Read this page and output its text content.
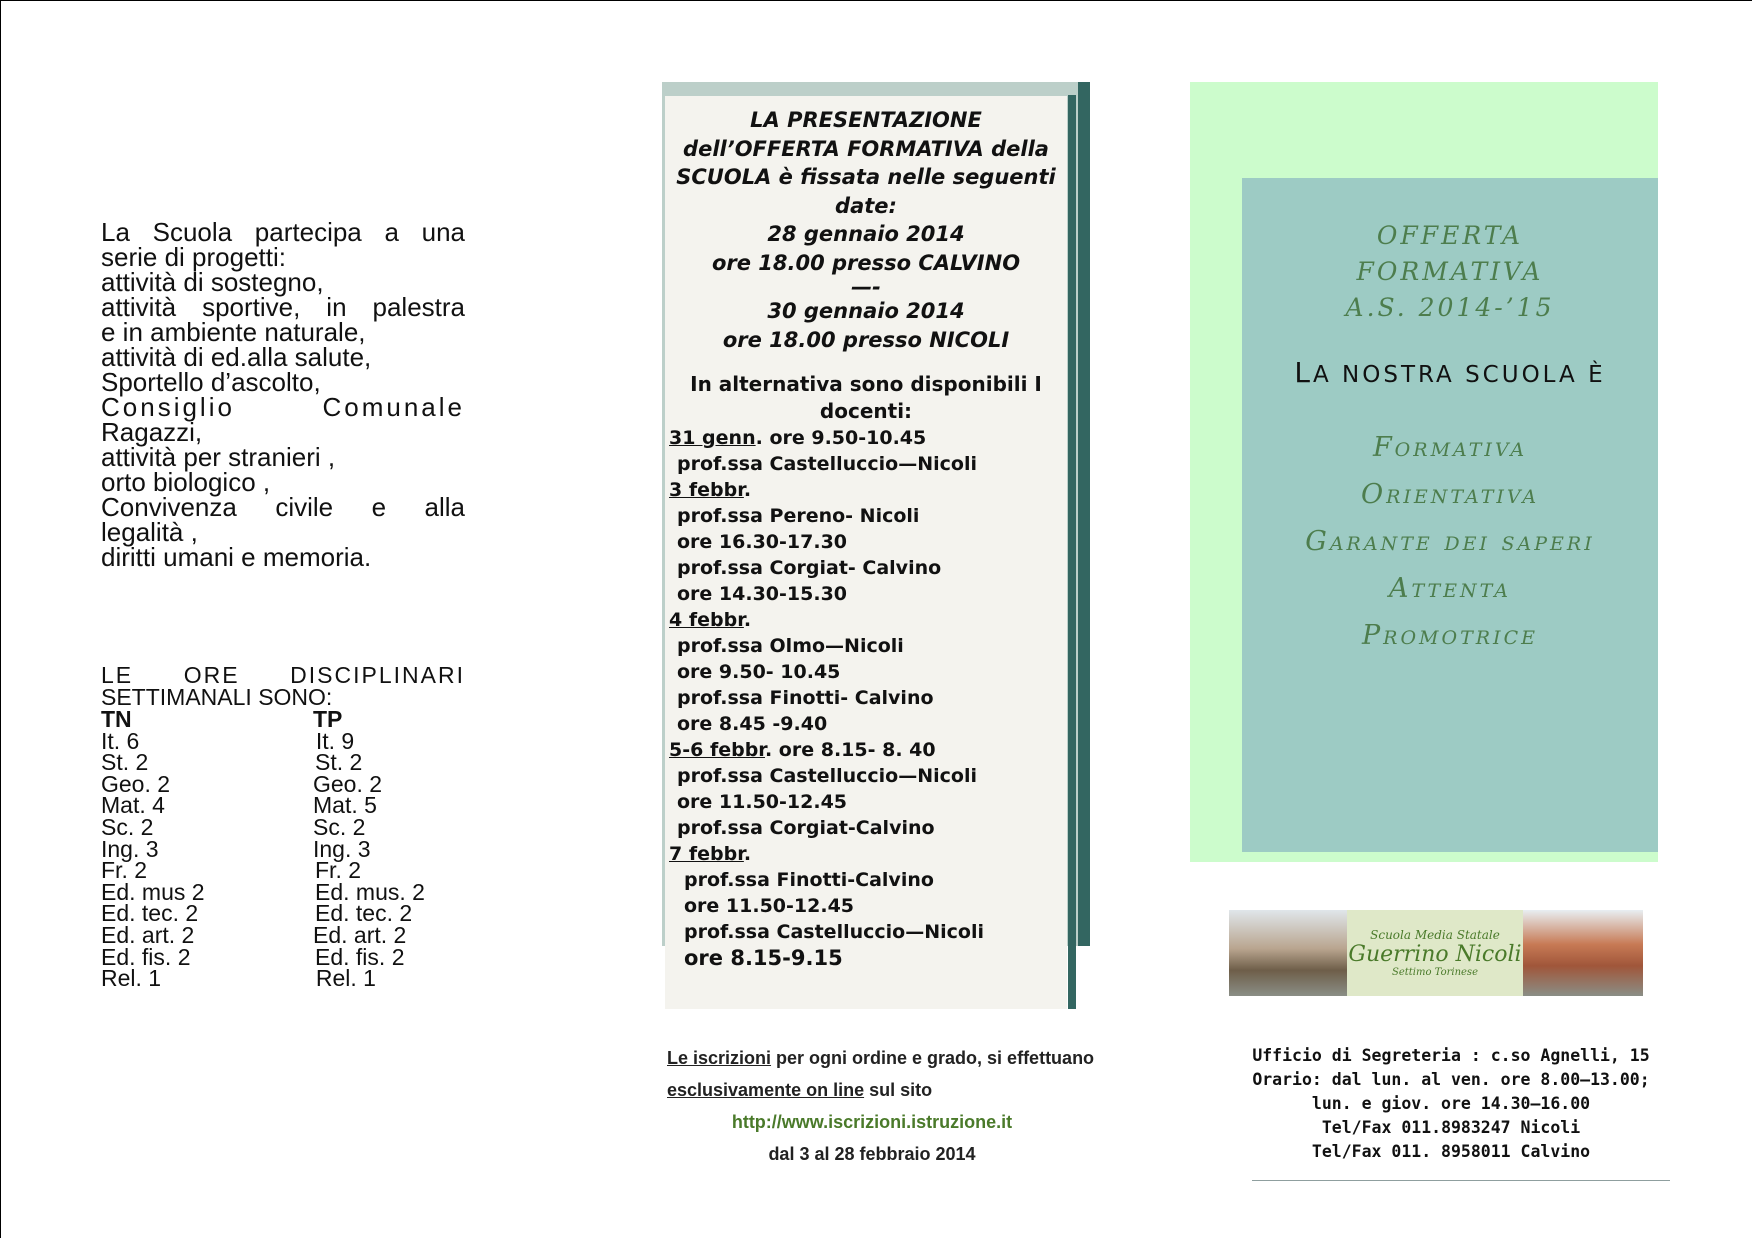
La Scuola partecipa a una
serie di progetti:
attività di sostegno,
attività sportive, in palestra
e in ambiente naturale,
attività di ed.alla salute,
Sportello d’ascolto,
Consiglio Comunale
Ragazzi,
attività per stranieri ,
orto biologico ,
Convivenza civile e alla
legalità ,
diritti umani e memoria.
LE ORE DISCIPLINARI
SETTIMANALI SONO:
TN	TP
It. 6	It. 9
St. 2	St. 2
Geo. 2	Geo. 2
Mat. 4	Mat. 5
Sc. 2	Sc. 2
Ing. 3	Ing. 3
Fr. 2	Fr. 2
Ed. mus 2	Ed. mus. 2
Ed. tec. 2	Ed. tec. 2
Ed. art. 2	Ed. art. 2
Ed. fis. 2	Ed. fis. 2
Rel. 1	Rel. 1
LA PRESENTAZIONE
dell’OFFERTA FORMATIVA della
SCUOLA è fissata nelle seguenti
date:
28 gennaio 2014
ore 18.00 presso CALVINO
—-
30 gennaio 2014
ore 18.00 presso NICOLI
In alternativa sono disponibili I
docenti:
31 genn. ore 9.50-10.45
prof.ssa Castelluccio—Nicoli
3 febbr.
prof.ssa Pereno- Nicoli
ore 16.30-17.30
prof.ssa Corgiat- Calvino
ore 14.30-15.30
4 febbr.
prof.ssa Olmo—Nicoli
ore 9.50- 10.45
prof.ssa Finotti- Calvino
ore 8.45 -9.40
5-6 febbr. ore 8.15- 8. 40
prof.ssa Castelluccio—Nicoli
ore 11.50-12.45
prof.ssa Corgiat-Calvino
7 febbr.
prof.ssa Finotti-Calvino
ore 11.50-12.45
prof.ssa Castelluccio—Nicoli
ore 8.15-9.15
Le iscrizioni per ogni ordine e grado, si effettuano
esclusivamente on line sul sito
http://www.iscrizioni.istruzione.it
dal 3 al 28 febbraio 2014
OFFERTA
FORMATIVA
A.S. 2014-’15
LA NOSTRA SCUOLA È
Formativa
Orientativa
Garante dei saperi
Attenta
Promotrice
Scuola Media Statale
Guerrino Nicoli
Settimo Torinese
Ufficio di Segreteria : c.so Agnelli, 15
Orario: dal lun. al ven. ore 8.00—13.00;
lun. e giov. ore 14.30—16.00
Tel/Fax 011.8983247 Nicoli
Tel/Fax 011. 8958011 Calvino
